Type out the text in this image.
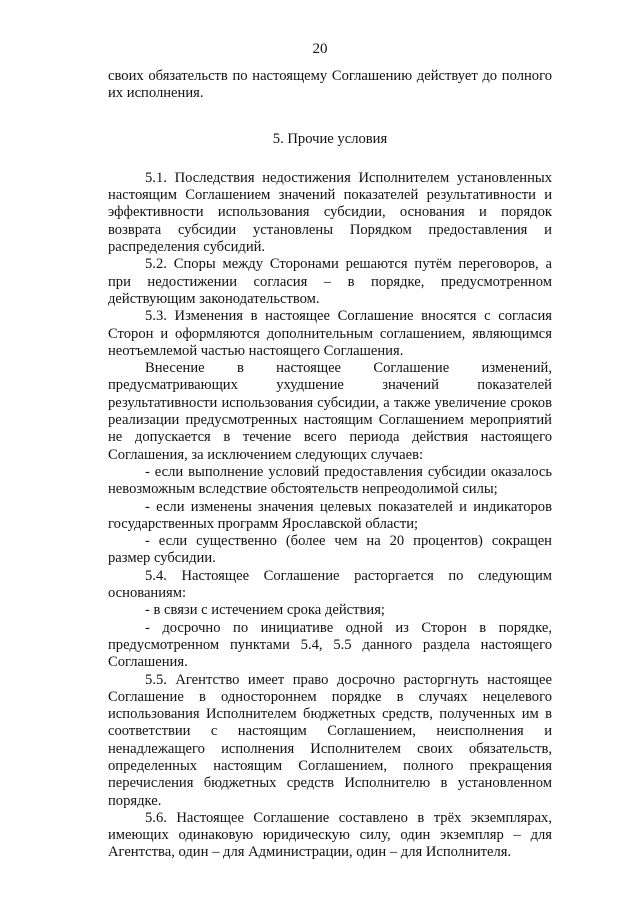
20

своих обязательств по настоящему Соглашению действует до полного их исполнения.

5. Прочие условия

5.1. Последствия недостижения Исполнителем установленных настоящим Соглашением значений показателей результативности и эффективности использования субсидии, основания и порядок возврата субсидии установлены Порядком предоставления и распределения субсидий.

5.2. Споры между Сторонами решаются путём переговоров, а при недостижении согласия – в порядке, предусмотренном действующим законодательством.

5.3. Изменения в настоящее Соглашение вносятся с согласия Сторон и оформляются дополнительным соглашением, являющимся неотъемлемой частью настоящего Соглашения.

Внесение в настоящее Соглашение изменений, предусматривающих ухудшение значений показателей результативности использования субсидии, а также увеличение сроков реализации предусмотренных настоящим Соглашением мероприятий не допускается в течение всего периода действия настоящего Соглашения, за исключением следующих случаев:

- если выполнение условий предоставления субсидии оказалось невозможным вследствие обстоятельств непреодолимой силы;

- если изменены значения целевых показателей и индикаторов государственных программ Ярославской области;

- если существенно (более чем на 20 процентов) сокращен размер субсидии.

5.4. Настоящее Соглашение расторгается по следующим основаниям:

- в связи с истечением срока действия;

- досрочно по инициативе одной из Сторон в порядке, предусмотренном пунктами 5.4, 5.5 данного раздела настоящего Соглашения.

5.5. Агентство имеет право досрочно расторгнуть настоящее Соглашение в одностороннем порядке в случаях нецелевого использования Исполнителем бюджетных средств, полученных им в соответствии с настоящим Соглашением, неисполнения и ненадлежащего исполнения Исполнителем своих обязательств, определенных настоящим Соглашением, полного прекращения перечисления бюджетных средств Исполнителю в установленном порядке.

5.6. Настоящее Соглашение составлено в трёх экземплярах, имеющих одинаковую юридическую силу, один экземпляр – для Агентства, один – для Администрации, один – для Исполнителя.
